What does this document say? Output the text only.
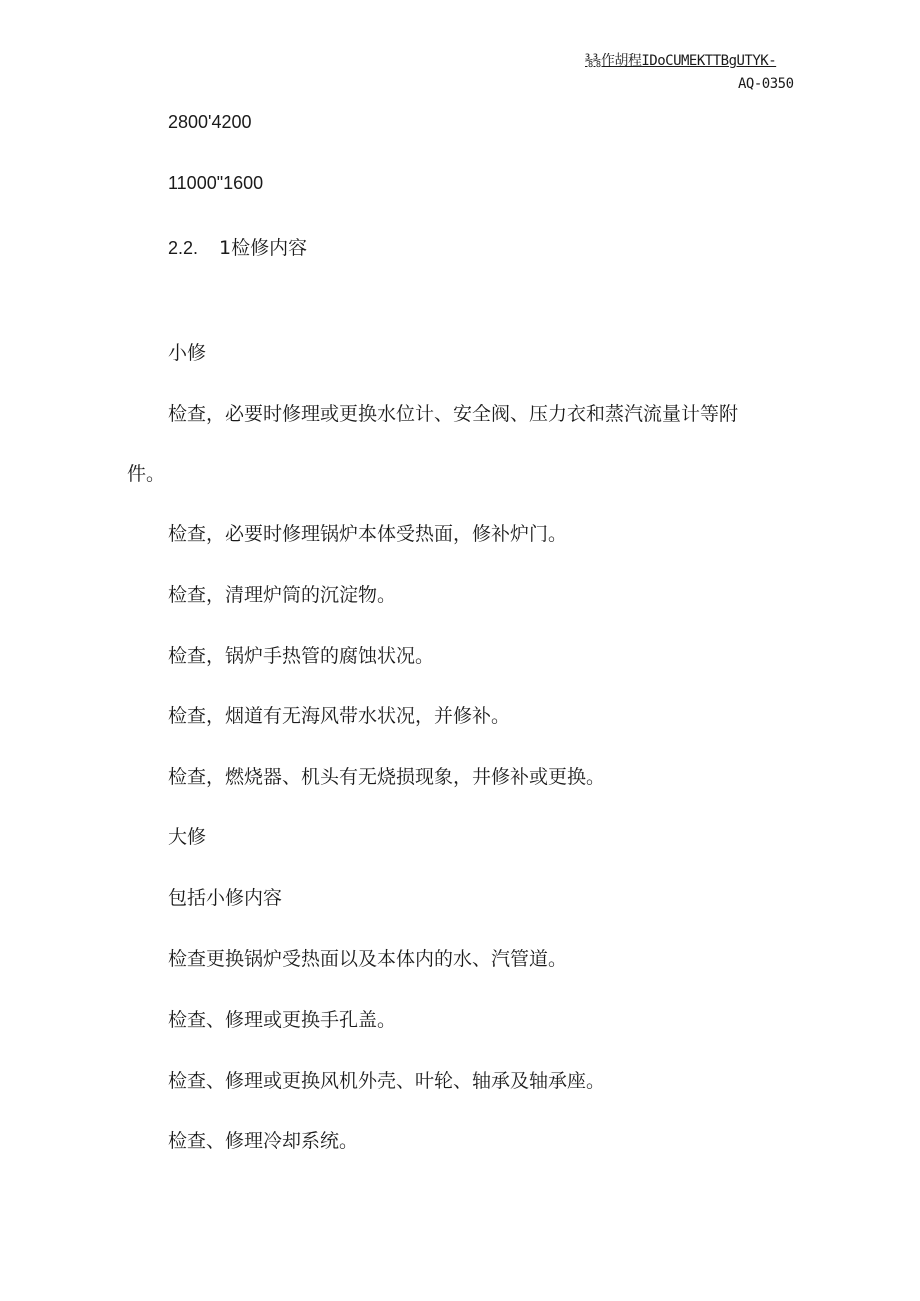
⅜⅜作胡程IDoCUMEKTTBgUTYK-
AQ-0350
2800'4200
11000"1600
2.2. 1检修内容
小修
检查，必要时修理或更换水位计、安全阀、压力衣和蒸汽流量计等附
件。
检查，必要时修理锅炉本体受热面，修补炉门。
检查，清理炉筒的沉淀物。
检查，锅炉手热管的腐蚀状况。
检查，烟道有无海风带水状况，并修补。
检查，燃烧器、机头有无烧损现象，井修补或更换。
大修
包括小修内容
检查更换锅炉受热面以及本体内的水、汽管道。
检查、修理或更换手孔盖。
检查、修理或更换风机外壳、叶轮、轴承及轴承座。
检查、修理冷却系统。
